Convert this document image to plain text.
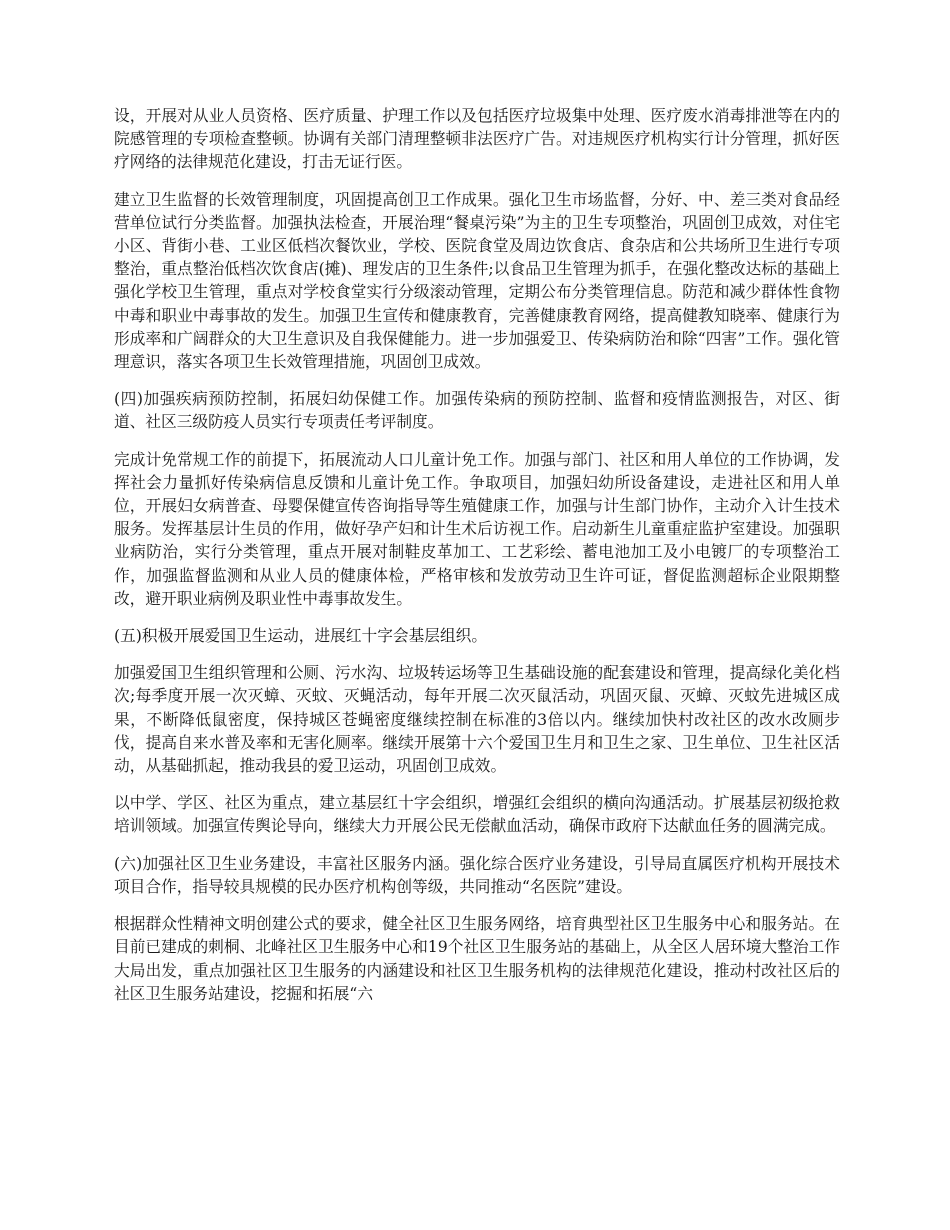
设，开展对从业人员资格、医疗质量、护理工作以及包括医疗垃圾集中处理、医疗废水消毒排泄等在内的院感管理的专项检查整顿。协调有关部门清理整顿非法医疗广告。对违规医疗机构实行计分管理，抓好医疗网络的法律规范化建设，打击无证行医。

建立卫生监督的长效管理制度，巩固提高创卫工作成果。强化卫生市场监督，分好、中、差三类对食品经营单位试行分类监督。加强执法检查，开展治理“餐桌污染”为主的卫生专项整治，巩固创卫成效，对住宅小区、背街小巷、工业区低档次餐饮业，学校、医院食堂及周边饮食店、食杂店和公共场所卫生进行专项整治，重点整治低档次饮食店(摊)、理发店的卫生条件;以食品卫生管理为抓手，在强化整改达标的基础上强化学校卫生管理，重点对学校食堂实行分级滚动管理，定期公布分类管理信息。防范和减少群体性食物中毒和职业中毒事故的发生。加强卫生宣传和健康教育，完善健康教育网络，提高健教知晓率、健康行为形成率和广阔群众的大卫生意识及自我保健能力。进一步加强爱卫、传染病防治和除“四害”工作。强化管理意识，落实各项卫生长效管理措施，巩固创卫成效。

(四)加强疾病预防控制，拓展妇幼保健工作。加强传染病的预防控制、监督和疫情监测报告，对区、街道、社区三级防疫人员实行专项责任考评制度。

完成计免常规工作的前提下，拓展流动人口儿童计免工作。加强与部门、社区和用人单位的工作协调，发挥社会力量抓好传染病信息反馈和儿童计免工作。争取项目，加强妇幼所设备建设，走进社区和用人单位，开展妇女病普查、母婴保健宣传咨询指导等生殖健康工作，加强与计生部门协作，主动介入计生技术服务。发挥基层计生员的作用，做好孕产妇和计生术后访视工作。启动新生儿童重症监护室建设。加强职业病防治，实行分类管理，重点开展对制鞋皮革加工、工艺彩绘、蓄电池加工及小电镀厂的专项整治工作，加强监督监测和从业人员的健康体检，严格审核和发放劳动卫生许可证，督促监测超标企业限期整改，避开职业病例及职业性中毒事故发生。

(五)积极开展爱国卫生运动，进展红十字会基层组织。

加强爱国卫生组织管理和公厕、污水沟、垃圾转运场等卫生基础设施的配套建设和管理，提高绿化美化档次;每季度开展一次灭蟑、灭蚊、灭蝇活动，每年开展二次灭鼠活动，巩固灭鼠、灭蟑、灭蚊先进城区成果，不断降低鼠密度，保持城区苍蝇密度继续控制在标准的3倍以内。继续加快村改社区的改水改厕步伐，提高自来水普及率和无害化厕率。继续开展第十六个爱国卫生月和卫生之家、卫生单位、卫生社区活动，从基础抓起，推动我县的爱卫运动，巩固创卫成效。

以中学、学区、社区为重点，建立基层红十字会组织，增强红会组织的横向沟通活动。扩展基层初级抢救培训领域。加强宣传舆论导向，继续大力开展公民无偿献血活动，确保市政府下达献血任务的圆满完成。

(六)加强社区卫生业务建设，丰富社区服务内涵。强化综合医疗业务建设，引导局直属医疗机构开展技术项目合作，指导较具规模的民办医疗机构创等级，共同推动“名医院”建设。

根据群众性精神文明创建公式的要求，健全社区卫生服务网络，培育典型社区卫生服务中心和服务站。在目前已建成的刺桐、北峰社区卫生服务中心和19个社区卫生服务站的基础上，从全区人居环境大整治工作大局出发，重点加强社区卫生服务的内涵建设和社区卫生服务机构的法律规范化建设，推动村改社区后的社区卫生服务站建设，挖掘和拓展“六
